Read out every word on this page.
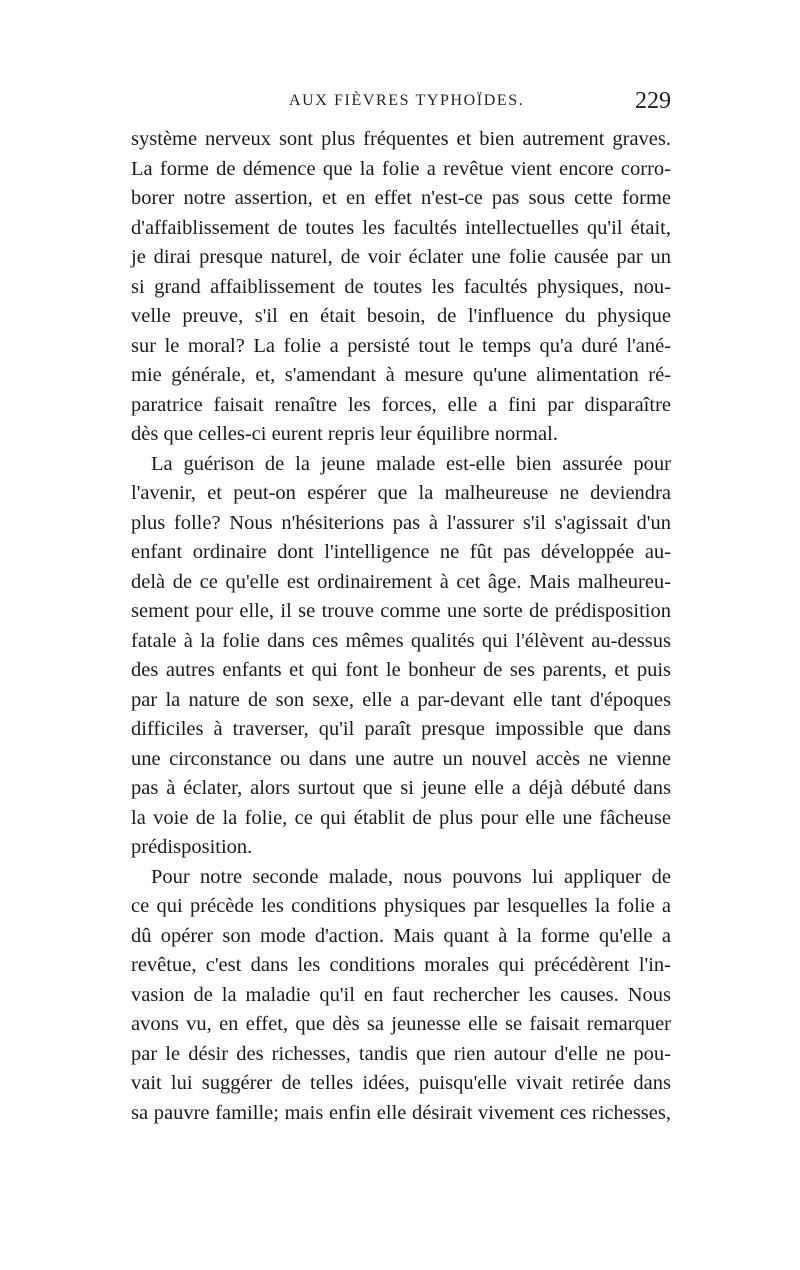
AUX FIÈVRES TYPHOÏDES.	229
système nerveux sont plus fréquentes et bien autrement graves.
La forme de démence que la folie a revêtue vient encore corro-
borer notre assertion, et en effet n'est-ce pas sous cette forme
d'affaiblissement de toutes les facultés intellectuelles qu'il était,
je dirai presque naturel, de voir éclater une folie causée par un
si grand affaiblissement de toutes les facultés physiques, nou-
velle preuve, s'il en était besoin, de l'influence du physique
sur le moral? La folie a persisté tout le temps qu'a duré l'ané-
mie générale, et, s'amendant à mesure qu'une alimentation ré-
paratrice faisait renaître les forces, elle a fini par disparaître
dès que celles-ci eurent repris leur équilibre normal.
La guérison de la jeune malade est-elle bien assurée pour
l'avenir, et peut-on espérer que la malheureuse ne deviendra
plus folle? Nous n'hésiterions pas à l'assurer s'il s'agissait d'un
enfant ordinaire dont l'intelligence ne fût pas développée au-
delà de ce qu'elle est ordinairement à cet âge. Mais malheureu-
sement pour elle, il se trouve comme une sorte de prédisposition
fatale à la folie dans ces mêmes qualités qui l'élèvent au-dessus
des autres enfants et qui font le bonheur de ses parents, et puis
par la nature de son sexe, elle a par-devant elle tant d'époques
difficiles à traverser, qu'il paraît presque impossible que dans
une circonstance ou dans une autre un nouvel accès ne vienne
pas à éclater, alors surtout que si jeune elle a déjà débuté dans
la voie de la folie, ce qui établit de plus pour elle une fâcheuse
prédisposition.
Pour notre seconde malade, nous pouvons lui appliquer de
ce qui précède les conditions physiques par lesquelles la folie a
dû opérer son mode d'action. Mais quant à la forme qu'elle a
revêtue, c'est dans les conditions morales qui précédèrent l'in-
vasion de la maladie qu'il en faut rechercher les causes. Nous
avons vu, en effet, que dès sa jeunesse elle se faisait remarquer
par le désir des richesses, tandis que rien autour d'elle ne pou-
vait lui suggérer de telles idées, puisqu'elle vivait retirée dans
sa pauvre famille; mais enfin elle désirait vivement ces richesses,
